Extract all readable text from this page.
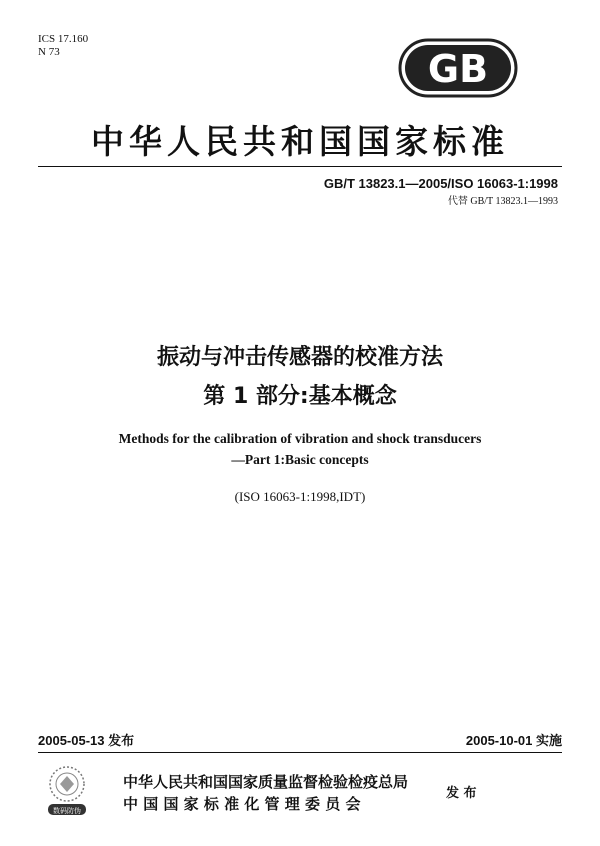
ICS 17.160
N 73	GB
中华人民共和国国家标准
GB/T 13823.1—2005/ISO 16063-1:1998
代替 GB/T 13823.1—1993
振动与冲击传感器的校准方法
第 1 部分:基本概念
Methods for the calibration of vibration and shock transducers
—Part 1:Basic concepts
(ISO 16063-1:1998,IDT)
2005-05-13 发布	2005-10-01 实施
数码防伪
中华人民共和国国家质量监督检验检疫总局
中 国 国 家 标 准 化 管 理 委 员 会
发 布
